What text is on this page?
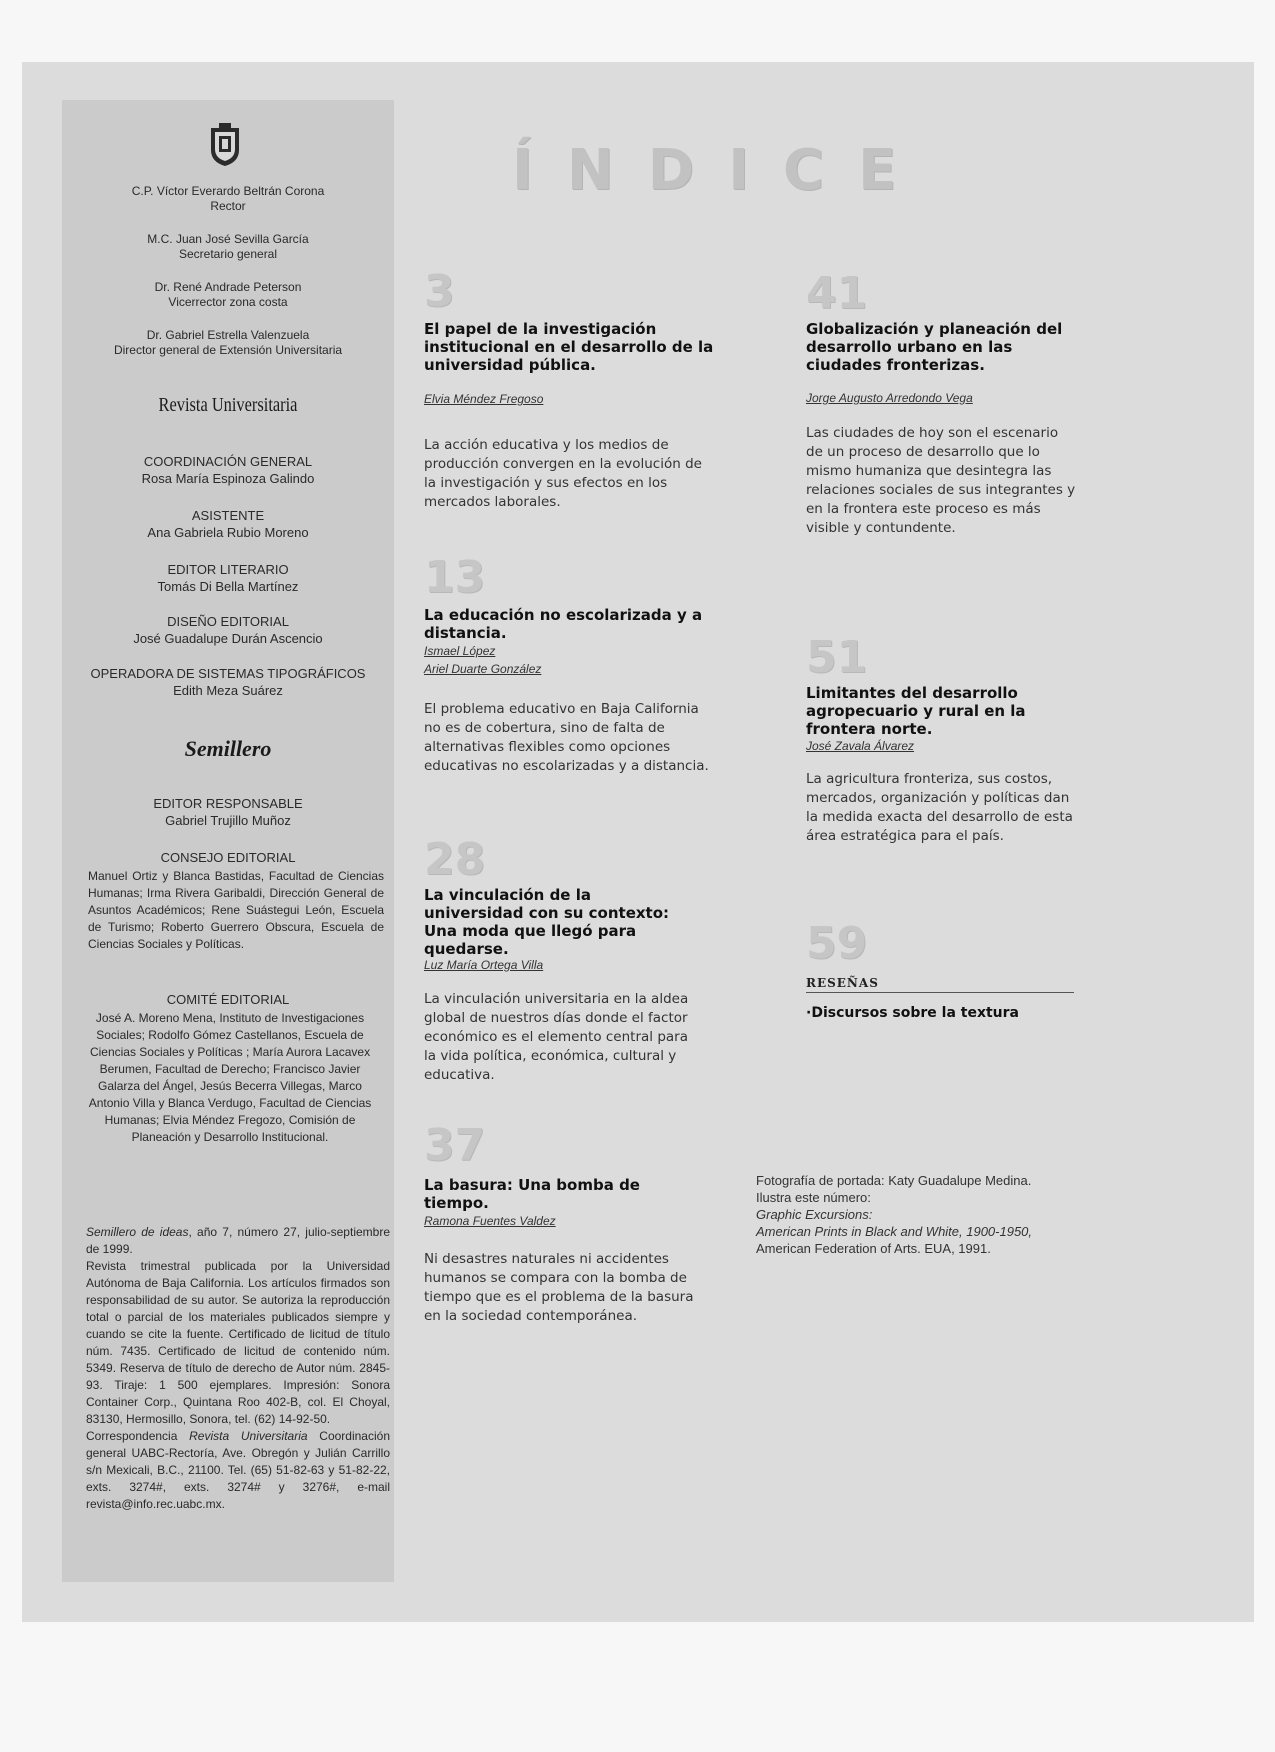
C.P. Víctor Everardo Beltrán Corona
Rector
M.C. Juan José Sevilla García
Secretario general
Dr. René Andrade Peterson
Vicerrector zona costa
Dr. Gabriel Estrella Valenzuela
Director general de Extensión Universitaria
Revista Universitaria
COORDINACIÓN GENERAL
Rosa María Espinoza Galindo
ASISTENTE
Ana Gabriela Rubio Moreno
EDITOR LITERARIO
Tomás Di Bella Martínez
DISEÑO EDITORIAL
José Guadalupe Durán Ascencio
OPERADORA DE SISTEMAS TIPOGRÁFICOS
Edith Meza Suárez
Semillero
EDITOR RESPONSABLE
Gabriel Trujillo Muñoz
CONSEJO EDITORIAL
Manuel Ortiz y Blanca Bastidas, Facultad de Ciencias Humanas; Irma Rivera Garibaldi, Dirección General de Asuntos Académicos; Rene Suástegui León, Escuela de Turismo; Roberto Guerrero Obscura, Escuela de Ciencias Sociales y Políticas.
COMITÉ EDITORIAL
José A. Moreno Mena, Instituto de Investigaciones Sociales; Rodolfo Gómez Castellanos, Escuela de Ciencias Sociales y Políticas ; María Aurora Lacavex Berumen, Facultad de Derecho; Francisco Javier Galarza del Ángel, Jesús Becerra Villegas, Marco Antonio Villa y Blanca Verdugo, Facultad de Ciencias Humanas; Elvia Méndez Fregozo, Comisión de Planeación y Desarrollo Institucional.

Semillero de ideas, año 7, número 27, julio-septiembre de 1999.

Revista trimestral publicada por la Universidad Autónoma de Baja California. Los artículos firmados son responsabilidad de su autor. Se autoriza la reproducción total o parcial de los materiales publicados siempre y cuando se cite la fuente. Certificado de licitud de título núm. 7435. Certificado de licitud de contenido núm. 5349. Reserva de título de derecho de Autor núm. 2845-93. Tiraje: 1 500 ejemplares. Impresión: Sonora Container Corp., Quintana Roo 402-B, col. El Choyal, 83130, Hermosillo, Sonora, tel. (62) 14-92-50.

Correspondencia Revista Universitaria Coordinación general UABC-Rectoría, Ave. Obregón y Julián Carrillo s/n Mexicali, B.C., 21100. Tel. (65) 51-82-63 y 51-82-22, exts. 3274#, exts. 3274# y 3276#, e-mail revista@info.rec.uabc.mx.

ÍNDICE
3
El papel de la investigación institucional en el desarrollo de la universidad pública.
Elvia Méndez Fregoso
La acción educativa y los medios de producción convergen en la evolución de la investigación y sus efectos en los mercados laborales.
13
La educación no escolarizada y a distancia.
Ismael López
Ariel Duarte González
El problema educativo en Baja California no es de cobertura, sino de falta de alternativas flexibles como opciones educativas no escolarizadas y a distancia.
28
La vinculación de la universidad con su contexto: Una moda que llegó para quedarse.
Luz María Ortega Villa
La vinculación universitaria en la aldea global de nuestros días donde el factor económico es el elemento central para la vida política, económica, cultural y educativa.
37
La basura: Una bomba de tiempo.
Ramona Fuentes Valdez
Ni desastres naturales ni accidentes humanos se compara con la bomba de tiempo que es el problema de la basura en la sociedad contemporánea.
41
Globalización y planeación del desarrollo urbano en las ciudades fronterizas.
Jorge Augusto Arredondo Vega
Las ciudades de hoy son el escenario de un proceso de desarrollo que lo mismo humaniza que desintegra las relaciones sociales de sus integrantes y en la frontera este proceso es más visible y contundente.
51
Limitantes del desarrollo agropecuario y rural en la frontera norte.
José Zavala Álvarez
La agricultura fronteriza, sus costos, mercados, organización y políticas dan la medida exacta del desarrollo de esta área estratégica para el país.
59
RESEÑAS
·Discursos sobre la textura
Fotografía de portada: Katy Guadalupe Medina.
Ilustra este número:
Graphic Excursions:
American Prints in Black and White, 1900-1950,
American Federation of Arts. EUA, 1991.
